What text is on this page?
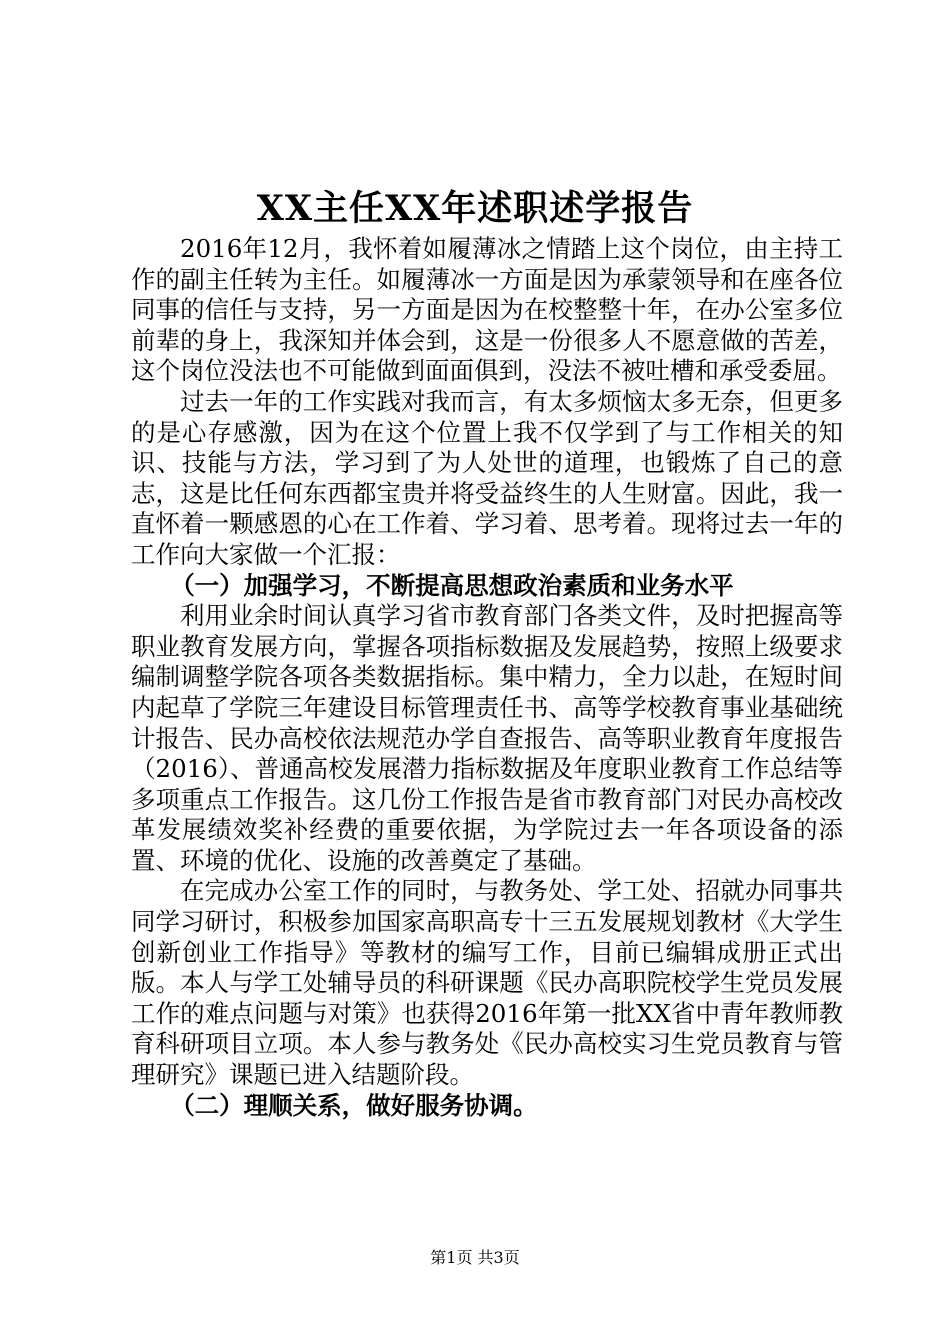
XX主任XX年述职述学报告

2016年12月，我怀着如履薄冰之情踏上这个岗位，由主持工作的副主任转为主任。如履薄冰一方面是因为承蒙领导和在座各位同事的信任与支持，另一方面是因为在校整整十年，在办公室多位前辈的身上，我深知并体会到，这是一份很多人不愿意做的苦差，这个岗位没法也不可能做到面面俱到，没法不被吐槽和承受委屈。

过去一年的工作实践对我而言，有太多烦恼太多无奈，但更多的是心存感激，因为在这个位置上我不仅学到了与工作相关的知识、技能与方法，学习到了为人处世的道理，也锻炼了自己的意志，这是比任何东西都宝贵并将受益终生的人生财富。因此，我一直怀着一颗感恩的心在工作着、学习着、思考着。现将过去一年的工作向大家做一个汇报：

（一）加强学习，不断提高思想政治素质和业务水平

利用业余时间认真学习省市教育部门各类文件，及时把握高等职业教育发展方向，掌握各项指标数据及发展趋势，按照上级要求编制调整学院各项各类数据指标。集中精力，全力以赴，在短时间内起草了学院三年建设目标管理责任书、高等学校教育事业基础统计报告、民办高校依法规范办学自查报告、高等职业教育年度报告（2016）、普通高校发展潜力指标数据及年度职业教育工作总结等多项重点工作报告。这几份工作报告是省市教育部门对民办高校改革发展绩效奖补经费的重要依据，为学院过去一年各项设备的添置、环境的优化、设施的改善奠定了基础。

在完成办公室工作的同时，与教务处、学工处、招就办同事共同学习研讨，积极参加国家高职高专十三五发展规划教材《大学生创新创业工作指导》等教材的编写工作，目前已编辑成册正式出版。本人与学工处辅导员的科研课题《民办高职院校学生党员发展工作的难点问题与对策》也获得2016年第一批XX省中青年教师教育科研项目立项。本人参与教务处《民办高校实习生党员教育与管理研究》课题已进入结题阶段。

（二）理顺关系，做好服务协调。

第1页 共3页
